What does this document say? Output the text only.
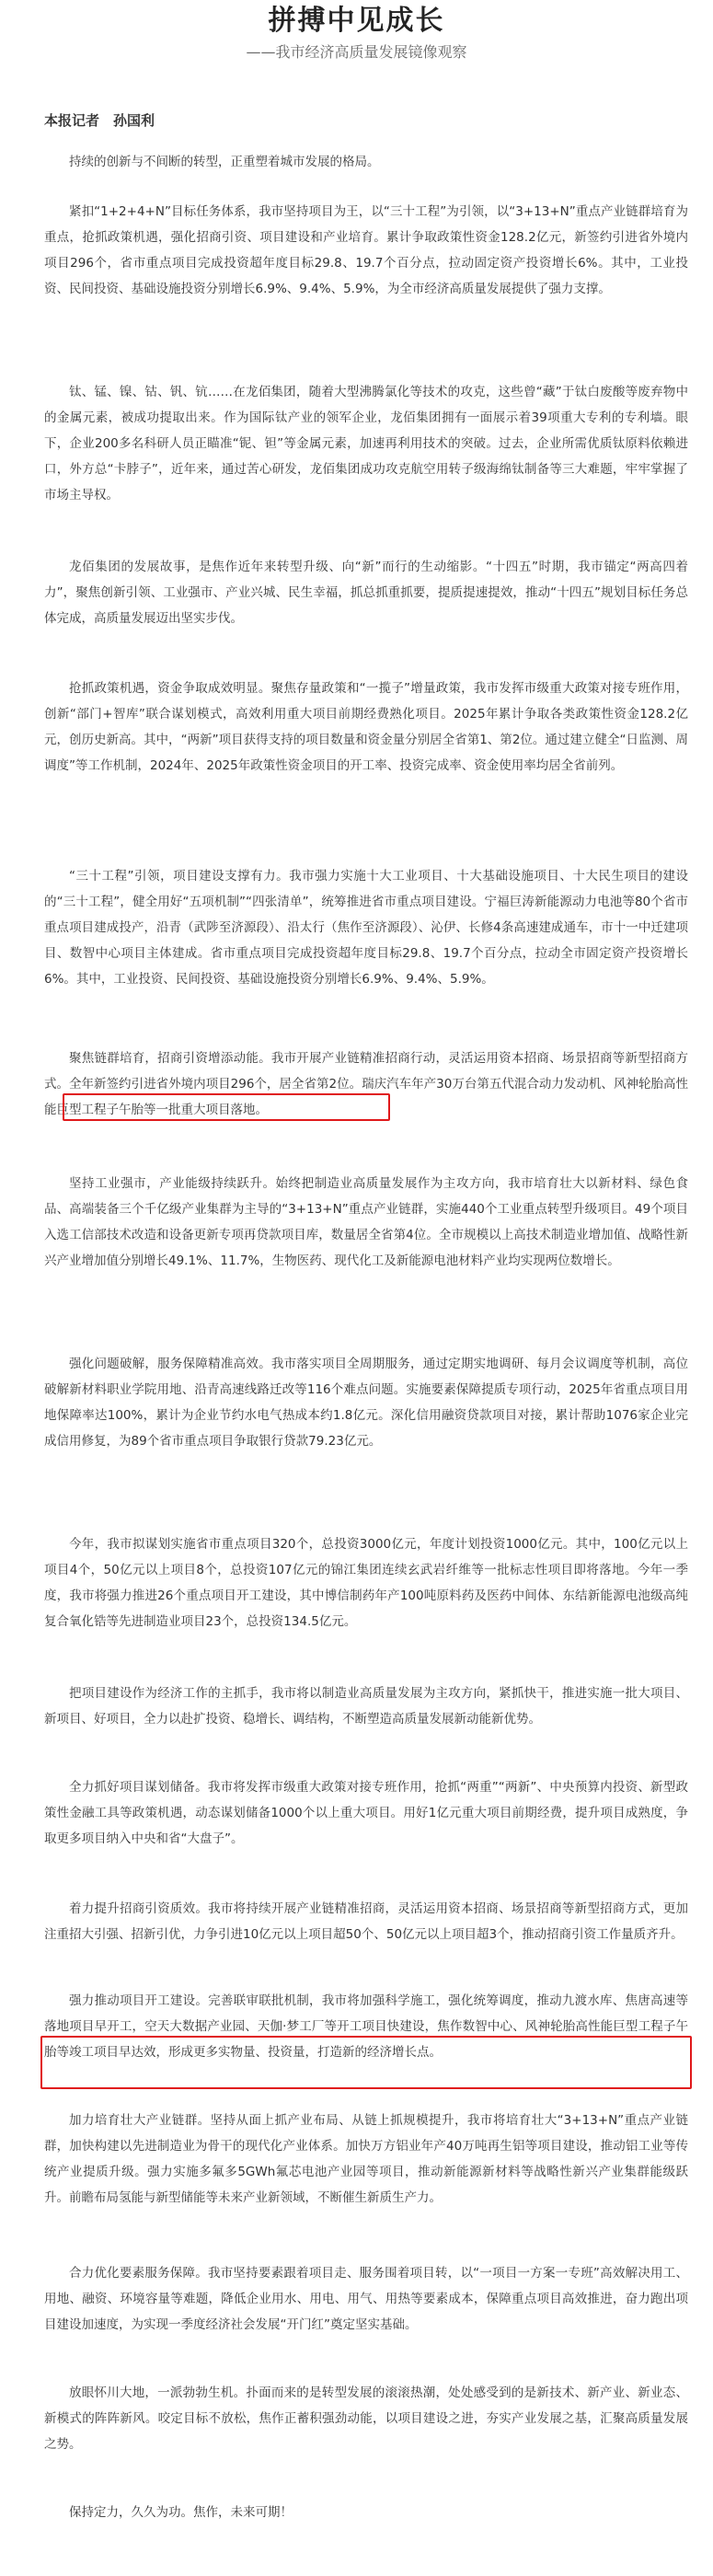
拼搏中见成长
——我市经济高质量发展镜像观察
本报记者　孙国利

持续的创新与不间断的转型，正重塑着城市发展的格局。

紧扣“1+2+4+N”目标任务体系，我市坚持项目为王，以“三十工程”为引领，以“3+13+N”重点产业链群培育为重点，抢抓政策机遇，强化招商引资、项目建设和产业培育。累计争取政策性资金128.2亿元，新签约引进省外境内项目296个，省市重点项目完成投资超年度目标29.8、19.7个百分点，拉动固定资产投资增长6%。其中，工业投资、民间投资、基础设施投资分别增长6.9%、9.4%、5.9%，为全市经济高质量发展提供了强力支撑。

钛、锰、镍、钴、钒、钪……在龙佰集团，随着大型沸腾氯化等技术的攻克，这些曾“藏”于钛白废酸等废弃物中的金属元素，被成功提取出来。作为国际钛产业的领军企业，龙佰集团拥有一面展示着39项重大专利的专利墙。眼下，企业200多名科研人员正瞄准“铌、钽”等金属元素，加速再利用技术的突破。过去，企业所需优质钛原料依赖进口，外方总“卡脖子”，近年来，通过苦心研发，龙佰集团成功攻克航空用转子级海绵钛制备等三大难题，牢牢掌握了市场主导权。

龙佰集团的发展故事，是焦作近年来转型升级、向“新”而行的生动缩影。“十四五”时期，我市锚定“两高四着力”，聚焦创新引领、工业强市、产业兴城、民生幸福，抓总抓重抓要，提质提速提效，推动“十四五”规划目标任务总体完成，高质量发展迈出坚实步伐。

抢抓政策机遇，资金争取成效明显。聚焦存量政策和“一揽子”增量政策，我市发挥市级重大政策对接专班作用，创新“部门+智库”联合谋划模式，高效利用重大项目前期经费熟化项目。2025年累计争取各类政策性资金128.2亿元，创历史新高。其中，“两新”项目获得支持的项目数量和资金量分别居全省第1、第2位。通过建立健全“日监测、周调度”等工作机制，2024年、2025年政策性资金项目的开工率、投资完成率、资金使用率均居全省前列。

“三十工程”引领，项目建设支撑有力。我市强力实施十大工业项目、十大基础设施项目、十大民生项目的建设的“三十工程”，健全用好“五项机制”“四张清单”，统筹推进省市重点项目建设。宁福巨涛新能源动力电池等80个省市重点项目建成投产，沿青（武陟至济源段）、沿太行（焦作至济源段）、沁伊、长修4条高速建成通车，市十一中迁建项目、数智中心项目主体建成。省市重点项目完成投资超年度目标29.8、19.7个百分点，拉动全市固定资产投资增长6%。其中，工业投资、民间投资、基础设施投资分别增长6.9%、9.4%、5.9%。

聚焦链群培育，招商引资增添动能。我市开展产业链精准招商行动，灵活运用资本招商、场景招商等新型招商方式。全年新签约引进省外境内项目296个，居全省第2位。瑞庆汽车年产30万台第五代混合动力发动机、风神轮胎高性能巨型工程子午胎等一批重大项目落地。

坚持工业强市，产业能级持续跃升。始终把制造业高质量发展作为主攻方向，我市培育壮大以新材料、绿色食品、高端装备三个千亿级产业集群为主导的“3+13+N”重点产业链群，实施440个工业重点转型升级项目。49个项目入选工信部技术改造和设备更新专项再贷款项目库，数量居全省第4位。全市规模以上高技术制造业增加值、战略性新兴产业增加值分别增长49.1%、11.7%，生物医药、现代化工及新能源电池材料产业均实现两位数增长。

强化问题破解，服务保障精准高效。我市落实项目全周期服务，通过定期实地调研、每月会议调度等机制，高位破解新材料职业学院用地、沿青高速线路迁改等116个难点问题。实施要素保障提质专项行动，2025年省重点项目用地保障率达100%，累计为企业节约水电气热成本约1.8亿元。深化信用融资贷款项目对接，累计帮助1076家企业完成信用修复，为89个省市重点项目争取银行贷款79.23亿元。

今年，我市拟谋划实施省市重点项目320个，总投资3000亿元，年度计划投资1000亿元。其中，100亿元以上项目4个，50亿元以上项目8个，总投资107亿元的锦江集团连续玄武岩纤维等一批标志性项目即将落地。今年一季度，我市将强力推进26个重点项目开工建设，其中博信制药年产100吨原料药及医药中间体、东结新能源电池级高纯复合氧化锆等先进制造业项目23个，总投资134.5亿元。

把项目建设作为经济工作的主抓手，我市将以制造业高质量发展为主攻方向，紧抓快干，推进实施一批大项目、新项目、好项目，全力以赴扩投资、稳增长、调结构，不断塑造高质量发展新动能新优势。

全力抓好项目谋划储备。我市将发挥市级重大政策对接专班作用，抢抓“两重”“两新”、中央预算内投资、新型政策性金融工具等政策机遇，动态谋划储备1000个以上重大项目。用好1亿元重大项目前期经费，提升项目成熟度，争取更多项目纳入中央和省“大盘子”。

着力提升招商引资质效。我市将持续开展产业链精准招商，灵活运用资本招商、场景招商等新型招商方式，更加注重招大引强、招新引优，力争引进10亿元以上项目超50个、50亿元以上项目超3个，推动招商引资工作量质齐升。

强力推动项目开工建设。完善联审联批机制，我市将加强科学施工，强化统筹调度，推动九渡水库、焦唐高速等落地项目早开工，空天大数据产业园、天伽·梦工厂等开工项目快建设，焦作数智中心、风神轮胎高性能巨型工程子午胎等竣工项目早达效，形成更多实物量、投资量，打造新的经济增长点。

加力培育壮大产业链群。坚持从面上抓产业布局、从链上抓规模提升，我市将培育壮大“3+13+N”重点产业链群，加快构建以先进制造业为骨干的现代化产业体系。加快万方铝业年产40万吨再生铝等项目建设，推动铝工业等传统产业提质升级。强力实施多氟多5GWh氟芯电池产业园等项目，推动新能源新材料等战略性新兴产业集群能级跃升。前瞻布局氢能与新型储能等未来产业新领域，不断催生新质生产力。

合力优化要素服务保障。我市坚持要素跟着项目走、服务围着项目转，以“一项目一方案一专班”高效解决用工、用地、融资、环境容量等难题，降低企业用水、用电、用气、用热等要素成本，保障重点项目高效推进，奋力跑出项目建设加速度，为实现一季度经济社会发展“开门红”奠定坚实基础。

放眼怀川大地，一派勃勃生机。扑面而来的是转型发展的滚滚热潮，处处感受到的是新技术、新产业、新业态、新模式的阵阵新风。咬定目标不放松，焦作正蓄积强劲动能，以项目建设之进，夯实产业发展之基，汇聚高质量发展之势。

保持定力，久久为功。焦作，未来可期！
